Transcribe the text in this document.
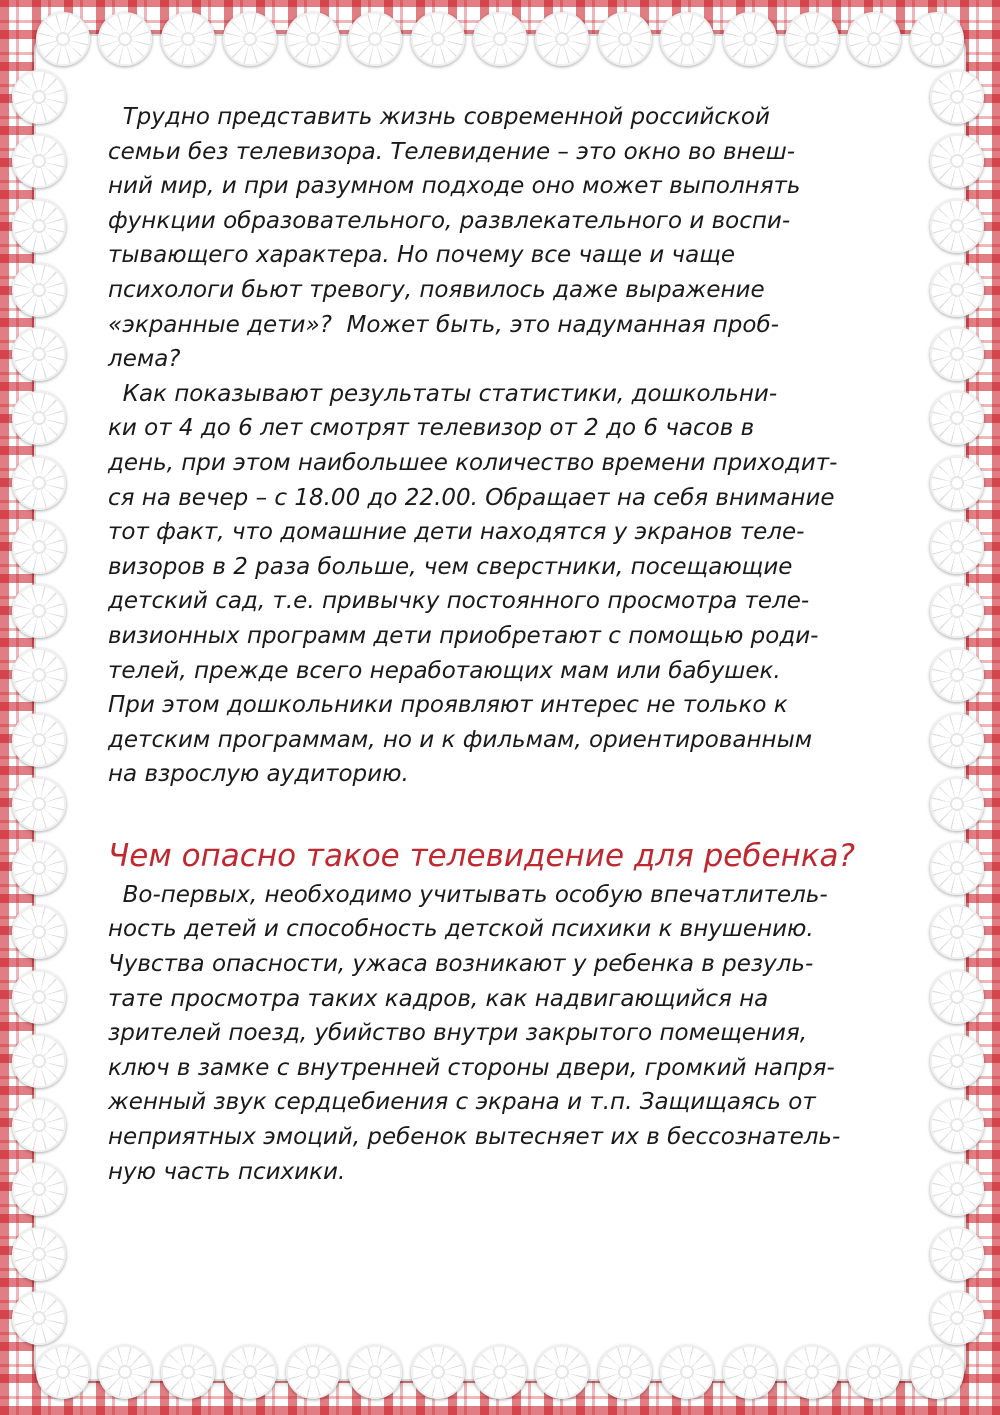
Трудно представить жизнь современной российской
семьи без телевизора. Телевидение – это окно во внеш-
ний мир, и при разумном подходе оно может выполнять
функции образовательного, развлекательного и воспи-
тывающего характера. Но почему все чаще и чаще
психологи бьют тревогу, появилось даже выражение
«экранные дети»?  Может быть, это надуманная проб-
лема?
Как показывают результаты статистики, дошкольни-
ки от 4 до 6 лет смотрят телевизор от 2 до 6 часов в
день, при этом наибольшее количество времени приходит-
ся на вечер – с 18.00 до 22.00. Обращает на себя внимание
тот факт, что домашние дети находятся у экранов теле-
визоров в 2 раза больше, чем сверстники, посещающие
детский сад, т.е. привычку постоянного просмотра теле-
визионных программ дети приобретают с помощью роди-
телей, прежде всего неработающих мам или бабушек.
При этом дошкольники проявляют интерес не только к
детским программам, но и к фильмам, ориентированным
на взрослую аудиторию.
Чем опасно такое телевидение для ребенка?
Во-первых, необходимо учитывать особую впечатлитель-
ность детей и способность детской психики к внушению.
Чувства опасности, ужаса возникают у ребенка в резуль-
тате просмотра таких кадров, как надвигающийся на
зрителей поезд, убийство внутри закрытого помещения,
ключ в замке с внутренней стороны двери, громкий напря-
женный звук сердцебиения с экрана и т.п. Защищаясь от
неприятных эмоций, ребенок вытесняет их в бессознатель-
ную часть психики.
